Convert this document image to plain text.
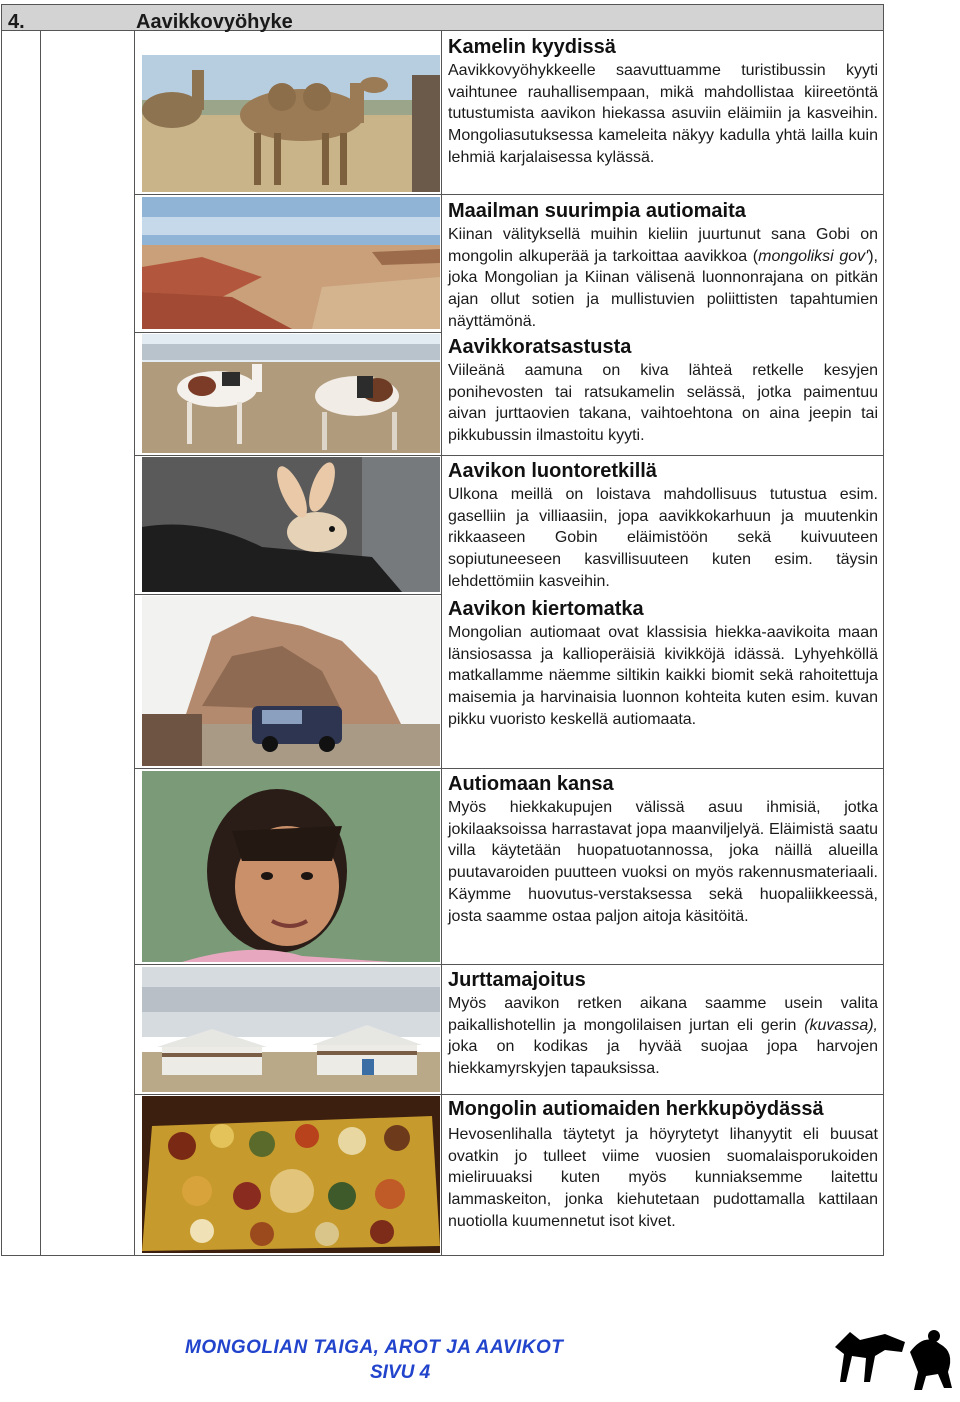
4.	Aavikkovyöhyke
Kamelin kyydissä

Aavikkovyöhykkeelle saavuttuamme turistibussin kyyti vaihtunee rauhallisempaan, mikä mahdollistaa kiireetöntä tutustumista aavikon hiekassa asuviin eläimiin ja kasveihin. Mongoliasutuksessa kameleita näkyy kadulla yhtä lailla kuin lehmiä karjalaisessa kylässä.

Maailman suurimpia autiomaita

Kiinan välityksellä muihin kieliin juurtunut sana Gobi on mongolin alkuperää ja tarkoittaa aavikkoa (mongoliksi gov'), joka Mongolian ja Kiinan välisenä luonnonrajana on pitkän ajan ollut sotien ja mullistuvien poliittisten tapahtumien näyttämönä.

Aavikkoratsastusta

Viileänä aamuna on kiva lähteä retkelle kesyjen ponihevosten tai ratsukamelin selässä, jotka paimentuu aivan jurttaovien takana, vaihtoehtona on aina jeepin tai pikkubussin ilmastoitu kyyti.

Aavikon luontoretkillä

Ulkona meillä on loistava mahdollisuus tutustua esim. gaselliin ja villiaasiin, jopa aavikkokarhuun ja muutenkin rikkaaseen Gobin eläimistöön sekä kuivuuteen sopiutuneeseen kasvillisuuteen kuten esim. täysin lehdettömiin kasveihin.

Aavikon kiertomatka

Mongolian autiomaat ovat klassisia hiekka-aavikoita maan länsiosassa ja kallioperäisiä kivikköjä idässä. Lyhyehköllä matkallamme näemme siltikin kaikki biomit sekä rahoitettuja maisemia ja harvinaisia luonnon kohteita kuten esim. kuvan pikku vuoristo keskellä autiomaata.

Autiomaan kansa

Myös hiekkakupujen välissä asuu ihmisiä, jotka jokilaaksoissa harrastavat jopa maanviljelyä. Eläimistä saatu villa käytetään huopatuotannossa, joka näillä alueilla puutavaroiden puutteen vuoksi on myös rakennusmateriaali. Käymme huovutus-verstaksessa sekä huopaliikkeessä, josta saamme ostaa paljon aitoja käsitöitä.

Jurttamajoitus

Myös aavikon retken aikana saamme usein valita paikallishotellin ja mongolilaisen jurtan eli gerin (kuvassa), joka on kodikas ja hyvää suojaa jopa harvojen hiekkamyrskyjen tapauksissa.

Mongolin autiomaiden herkkupöydässä

Hevosenlihalla täytetyt ja höyrytetyt lihanyytit eli buusat ovatkin jo tulleet viime vuosien suomalaisporukoiden mieliruuaksi kuten myös kunniaksemme laitettu lammaskeiton, jonka kiehutetaan pudottamalla kattilaan nuotiolla kuumennetut isot kivet.

MONGOLIAN TAIGA, AROT JA AAVIKOT
SIVU 4
